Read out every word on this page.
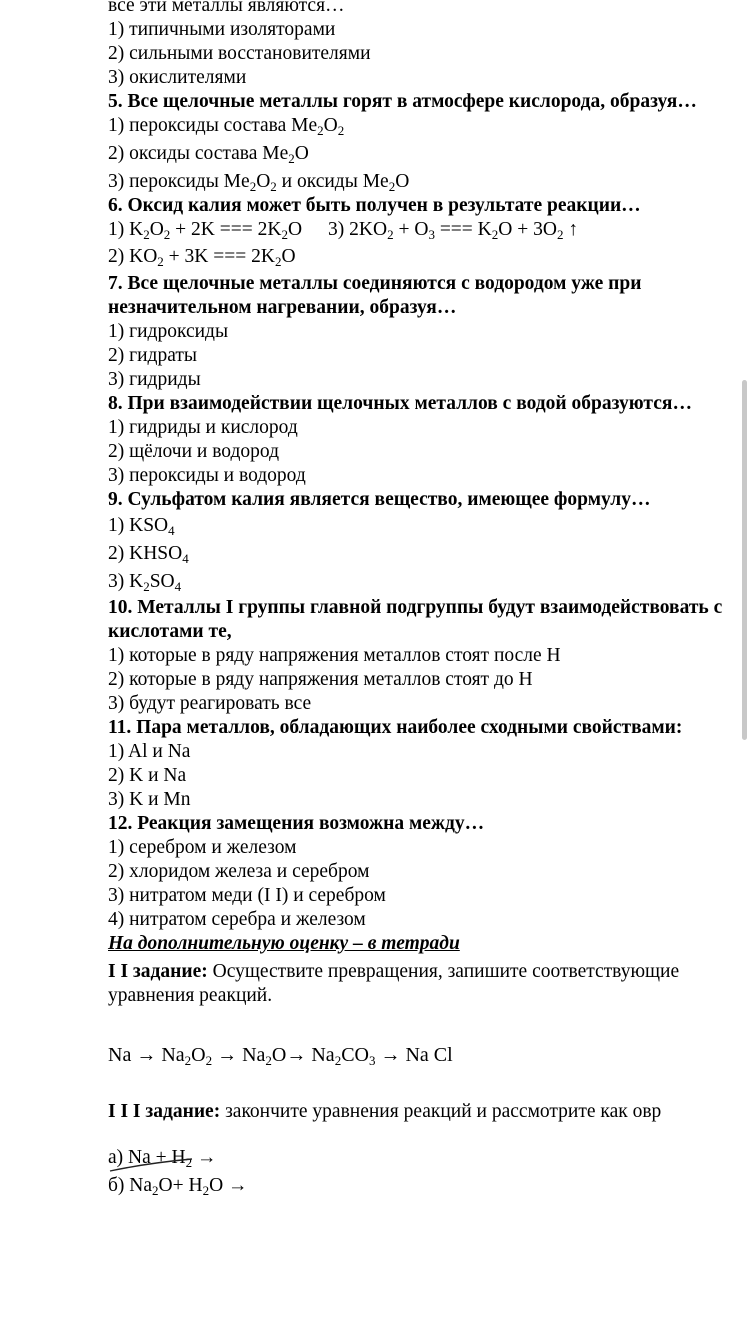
все эти металлы являются…
1) типичными изоляторами
2) сильными восстановителями
3) окислителями
5. Все щелочные металлы горят в атмосфере кислорода, образуя…
1) пероксиды состава $Me_2O_2$
2) оксиды состава $Me_2O$
3) пероксиды $Me_2O_2$ и оксиды $Me_2O$
6. Оксид калия может быть получен в результате реакции…
1) $K_2O_2 + 2K$ === $2K_2O$ 3) $2KO_2 + O_3$ === $K_2O + 3O_2$ ↑
2) $KO_2 + 3K$ === $2K_2O$
7. Все щелочные металлы соединяются с водородом уже при незначительном нагревании, образуя…
1) гидроксиды
2) гидраты
3) гидриды
8. При взаимодействии щелочных металлов с водой образуются…
1) гидриды и кислород
2) щёлочи и водород
3) пероксиды и водород
9. Сульфатом калия является вещество, имеющее формулу…
1) $KSO_4$
2) $KHSO_4$
3) $K_2SO_4$
10. Металлы I группы главной подгруппы будут взаимодействовать с кислотами те,
1) которые в ряду напряжения металлов стоят после H
2) которые в ряду напряжения металлов стоят до H
3) будут реагировать все
11. Пара металлов, обладающих наиболее сходными свойствами:
1) Al и Na
2) K и Na
3) K и Mn
12. Реакция замещения возможна между…
1) серебром и железом
2) хлоридом железа и серебром
3) нитратом меди (I I) и серебром
4) нитратом серебра и железом
На дополнительную оценку – в тетради
I I задание: Осуществите превращения, запишите соответствующие уравнения реакций.
$Na \to Na_2O_2 \to Na_2O\to Na_2CO_3 \to Na$ Cl
I I I задание: закончите уравнения реакций и рассмотрите как овр
а) $Na + H_2$ →
б) $Na_2O+ H_2O$ →
